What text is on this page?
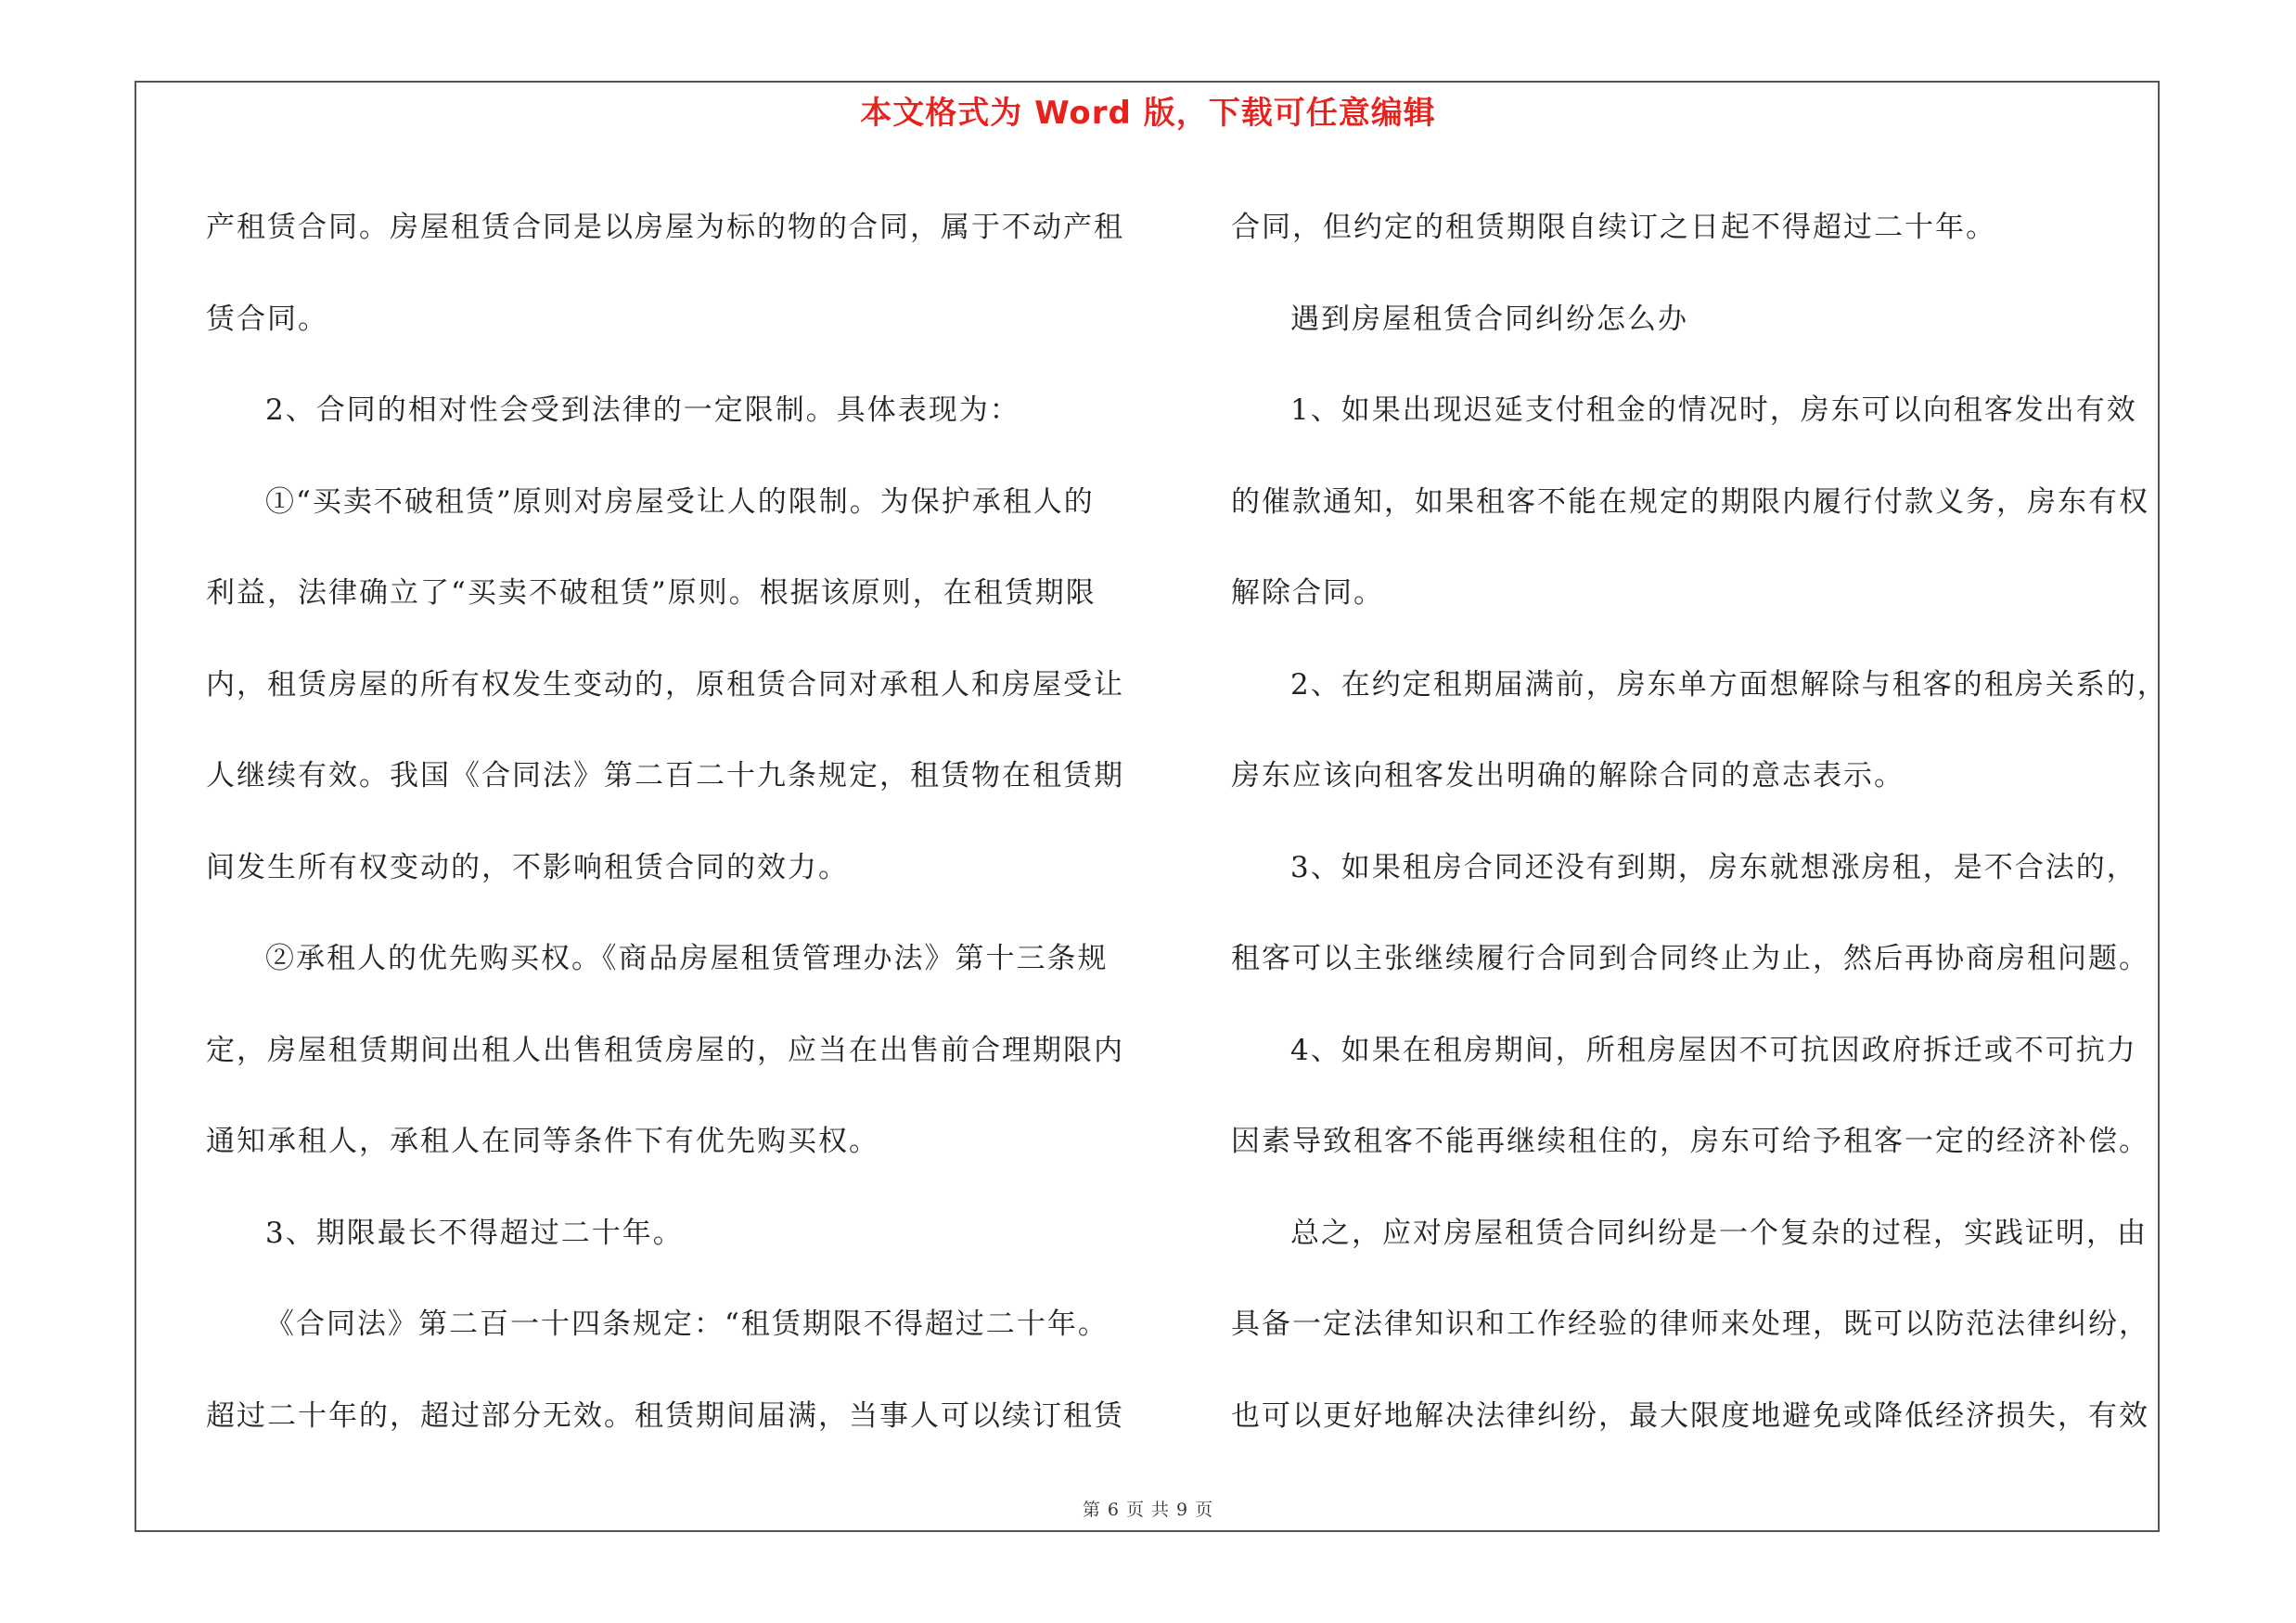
本文格式为 Word 版，下载可任意编辑
产租赁合同。房屋租赁合同是以房屋为标的物的合同，属于不动产租
赁合同。
2、合同的相对性会受到法律的一定限制。具体表现为：
①“买卖不破租赁”原则对房屋受让人的限制。为保护承租人的
利益，法律确立了“买卖不破租赁”原则。根据该原则，在租赁期限
内，租赁房屋的所有权发生变动的，原租赁合同对承租人和房屋受让
人继续有效。我国《合同法》第二百二十九条规定，租赁物在租赁期
间发生所有权变动的，不影响租赁合同的效力。
②承租人的优先购买权。《商品房屋租赁管理办法》第十三条规
定，房屋租赁期间出租人出售租赁房屋的，应当在出售前合理期限内
通知承租人，承租人在同等条件下有优先购买权。
3、期限最长不得超过二十年。
《合同法》第二百一十四条规定：“租赁期限不得超过二十年。
超过二十年的，超过部分无效。租赁期间届满，当事人可以续订租赁
合同，但约定的租赁期限自续订之日起不得超过二十年。
遇到房屋租赁合同纠纷怎么办
1、如果出现迟延支付租金的情况时，房东可以向租客发出有效
的催款通知，如果租客不能在规定的期限内履行付款义务，房东有权
解除合同。
2、在约定租期届满前，房东单方面想解除与租客的租房关系的，
房东应该向租客发出明确的解除合同的意志表示。
3、如果租房合同还没有到期，房东就想涨房租，是不合法的，
租客可以主张继续履行合同到合同终止为止，然后再协商房租问题。
4、如果在租房期间，所租房屋因不可抗因政府拆迁或不可抗力
因素导致租客不能再继续租住的，房东可给予租客一定的经济补偿。
总之，应对房屋租赁合同纠纷是一个复杂的过程，实践证明，由
具备一定法律知识和工作经验的律师来处理，既可以防范法律纠纷，
也可以更好地解决法律纠纷，最大限度地避免或降低经济损失，有效
第 6 页 共 9 页
